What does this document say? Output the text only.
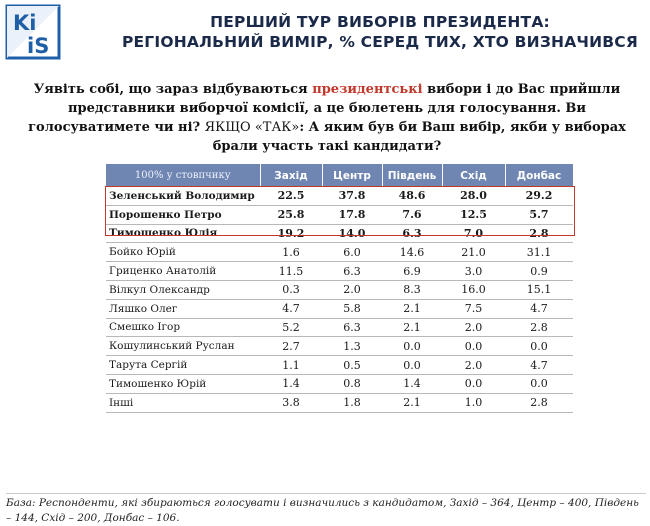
Ki
iS
ПЕРШИЙ ТУР ВИБОРІВ ПРЕЗИДЕНТА:
РЕГІОНАЛЬНИЙ ВИМІР, % СЕРЕД ТИХ, ХТО ВИЗНАЧИВСЯ
Уявіть собі, що зараз відбуваються президентські вибори і до Вас прийшли представники виборчої комісії, а це бюлетень для голосування. Ви голосуватимете чи ні? ЯКЩО «ТАК»: А яким був би Ваш вибір, якби у виборах брали участь такі кандидати?
100% у стовпчику	Захід	Центр	Південь	Схід	Донбас
Зеленський Володимир	22.5	37.8	48.6	28.0	29.2
Порошенко Петро	25.8	17.8	7.6	12.5	5.7
Тимошенко Юлія	19.2	14.0	6.3	7.0	2.8
Бойко Юрій	1.6	6.0	14.6	21.0	31.1
Гриценко Анатолій	11.5	6.3	6.9	3.0	0.9
Вілкул Олександр	0.3	2.0	8.3	16.0	15.1
Ляшко Олег	4.7	5.8	2.1	7.5	4.7
Смешко Ігор	5.2	6.3	2.1	2.0	2.8
Кошулинський Руслан	2.7	1.3	0.0	0.0	0.0
Тарута Сергій	1.1	0.5	0.0	2.0	4.7
Тимошенко Юрій	1.4	0.8	1.4	0.0	0.0
Інші	3.8	1.8	2.1	1.0	2.8
База: Респонденти, які збираються голосувати і визначились з кандидатом, Захід – 364, Центр – 400, Південь – 144, Схід – 200, Донбас – 106.
